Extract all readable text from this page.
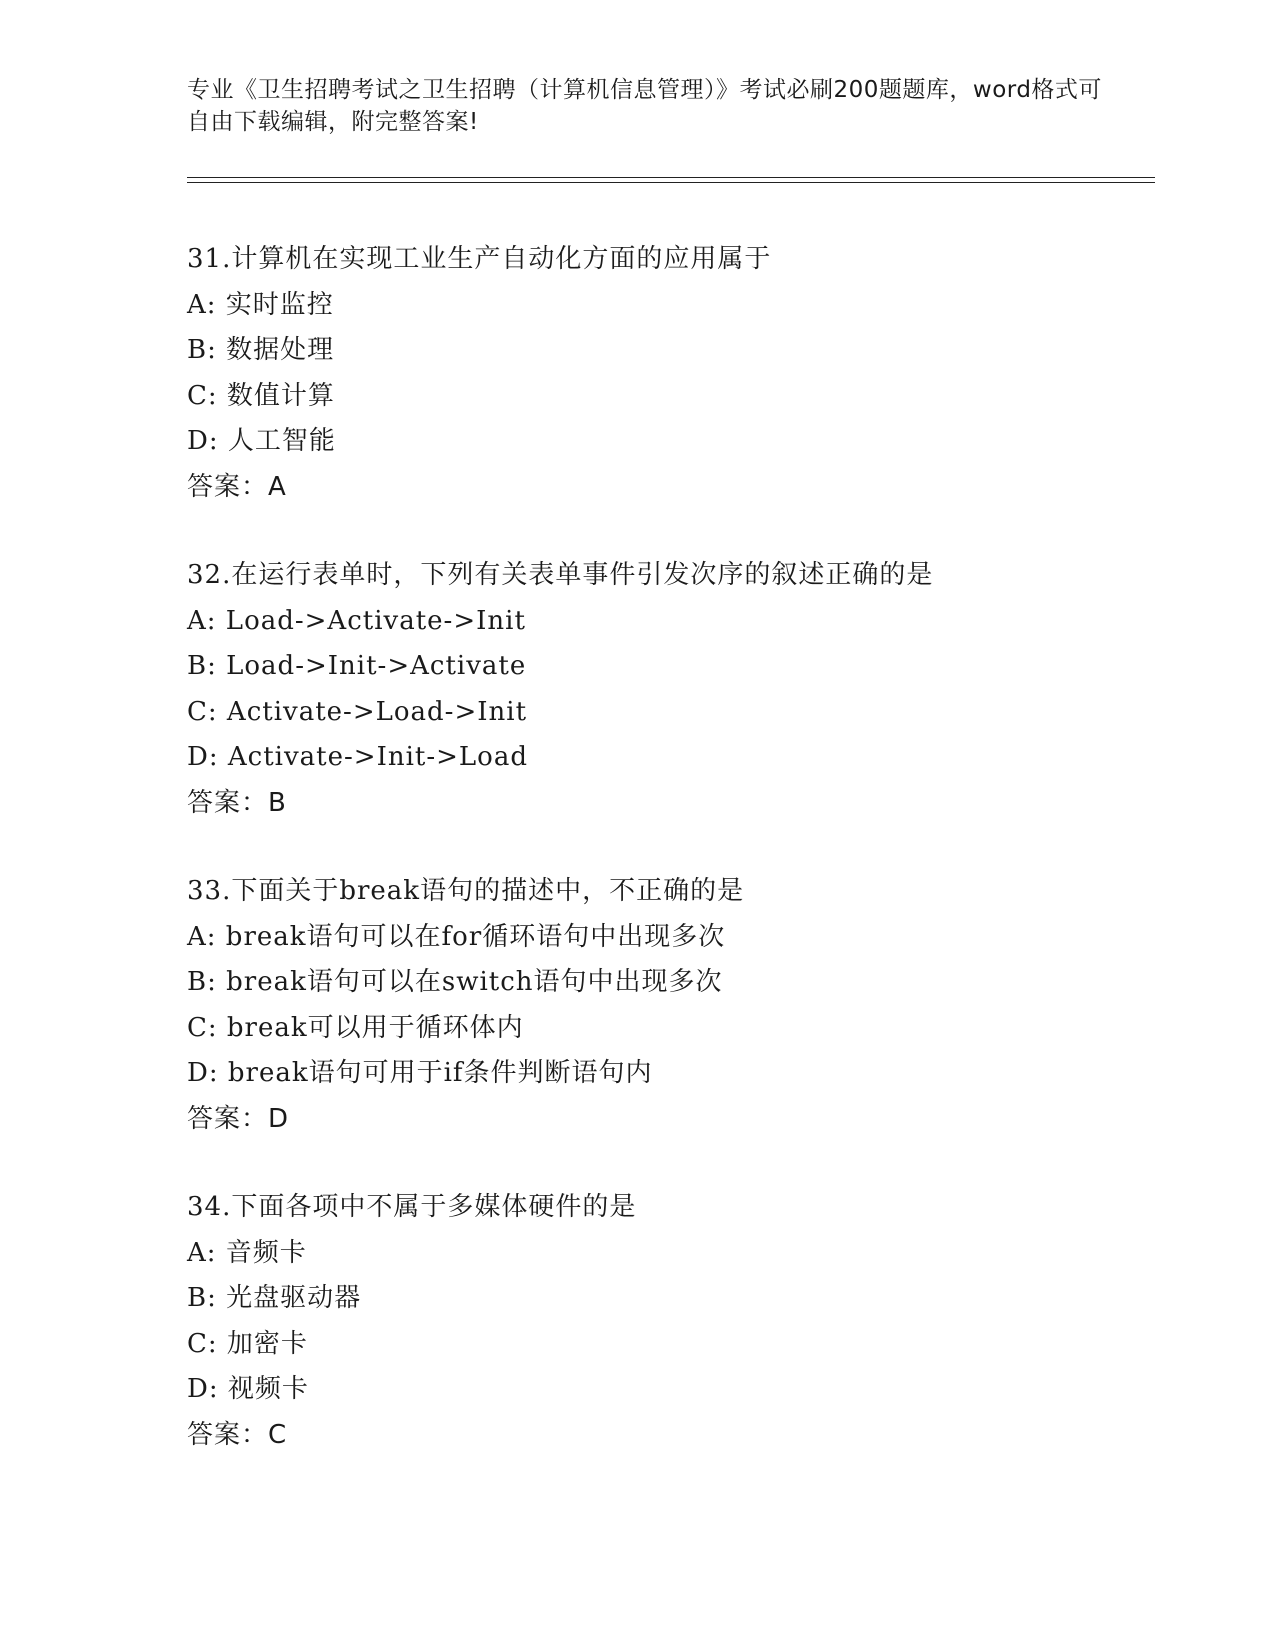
专业《卫生招聘考试之卫生招聘（计算机信息管理）》考试必刷200题题库，word格式可自由下载编辑，附完整答案!
31.计算机在实现工业生产自动化方面的应用属于
A: 实时监控
B: 数据处理
C: 数值计算
D: 人工智能
答案：A
32.在运行表单时，下列有关表单事件引发次序的叙述正确的是
A: Load->Activate->Init
B: Load->Init->Activate
C: Activate->Load->Init
D: Activate->Init->Load
答案：B
33.下面关于break语句的描述中，不正确的是
A: break语句可以在for循环语句中出现多次
B: break语句可以在switch语句中出现多次
C: break可以用于循环体内
D: break语句可用于if条件判断语句内
答案：D
34.下面各项中不属于多媒体硬件的是
A: 音频卡
B: 光盘驱动器
C: 加密卡
D: 视频卡
答案：C
